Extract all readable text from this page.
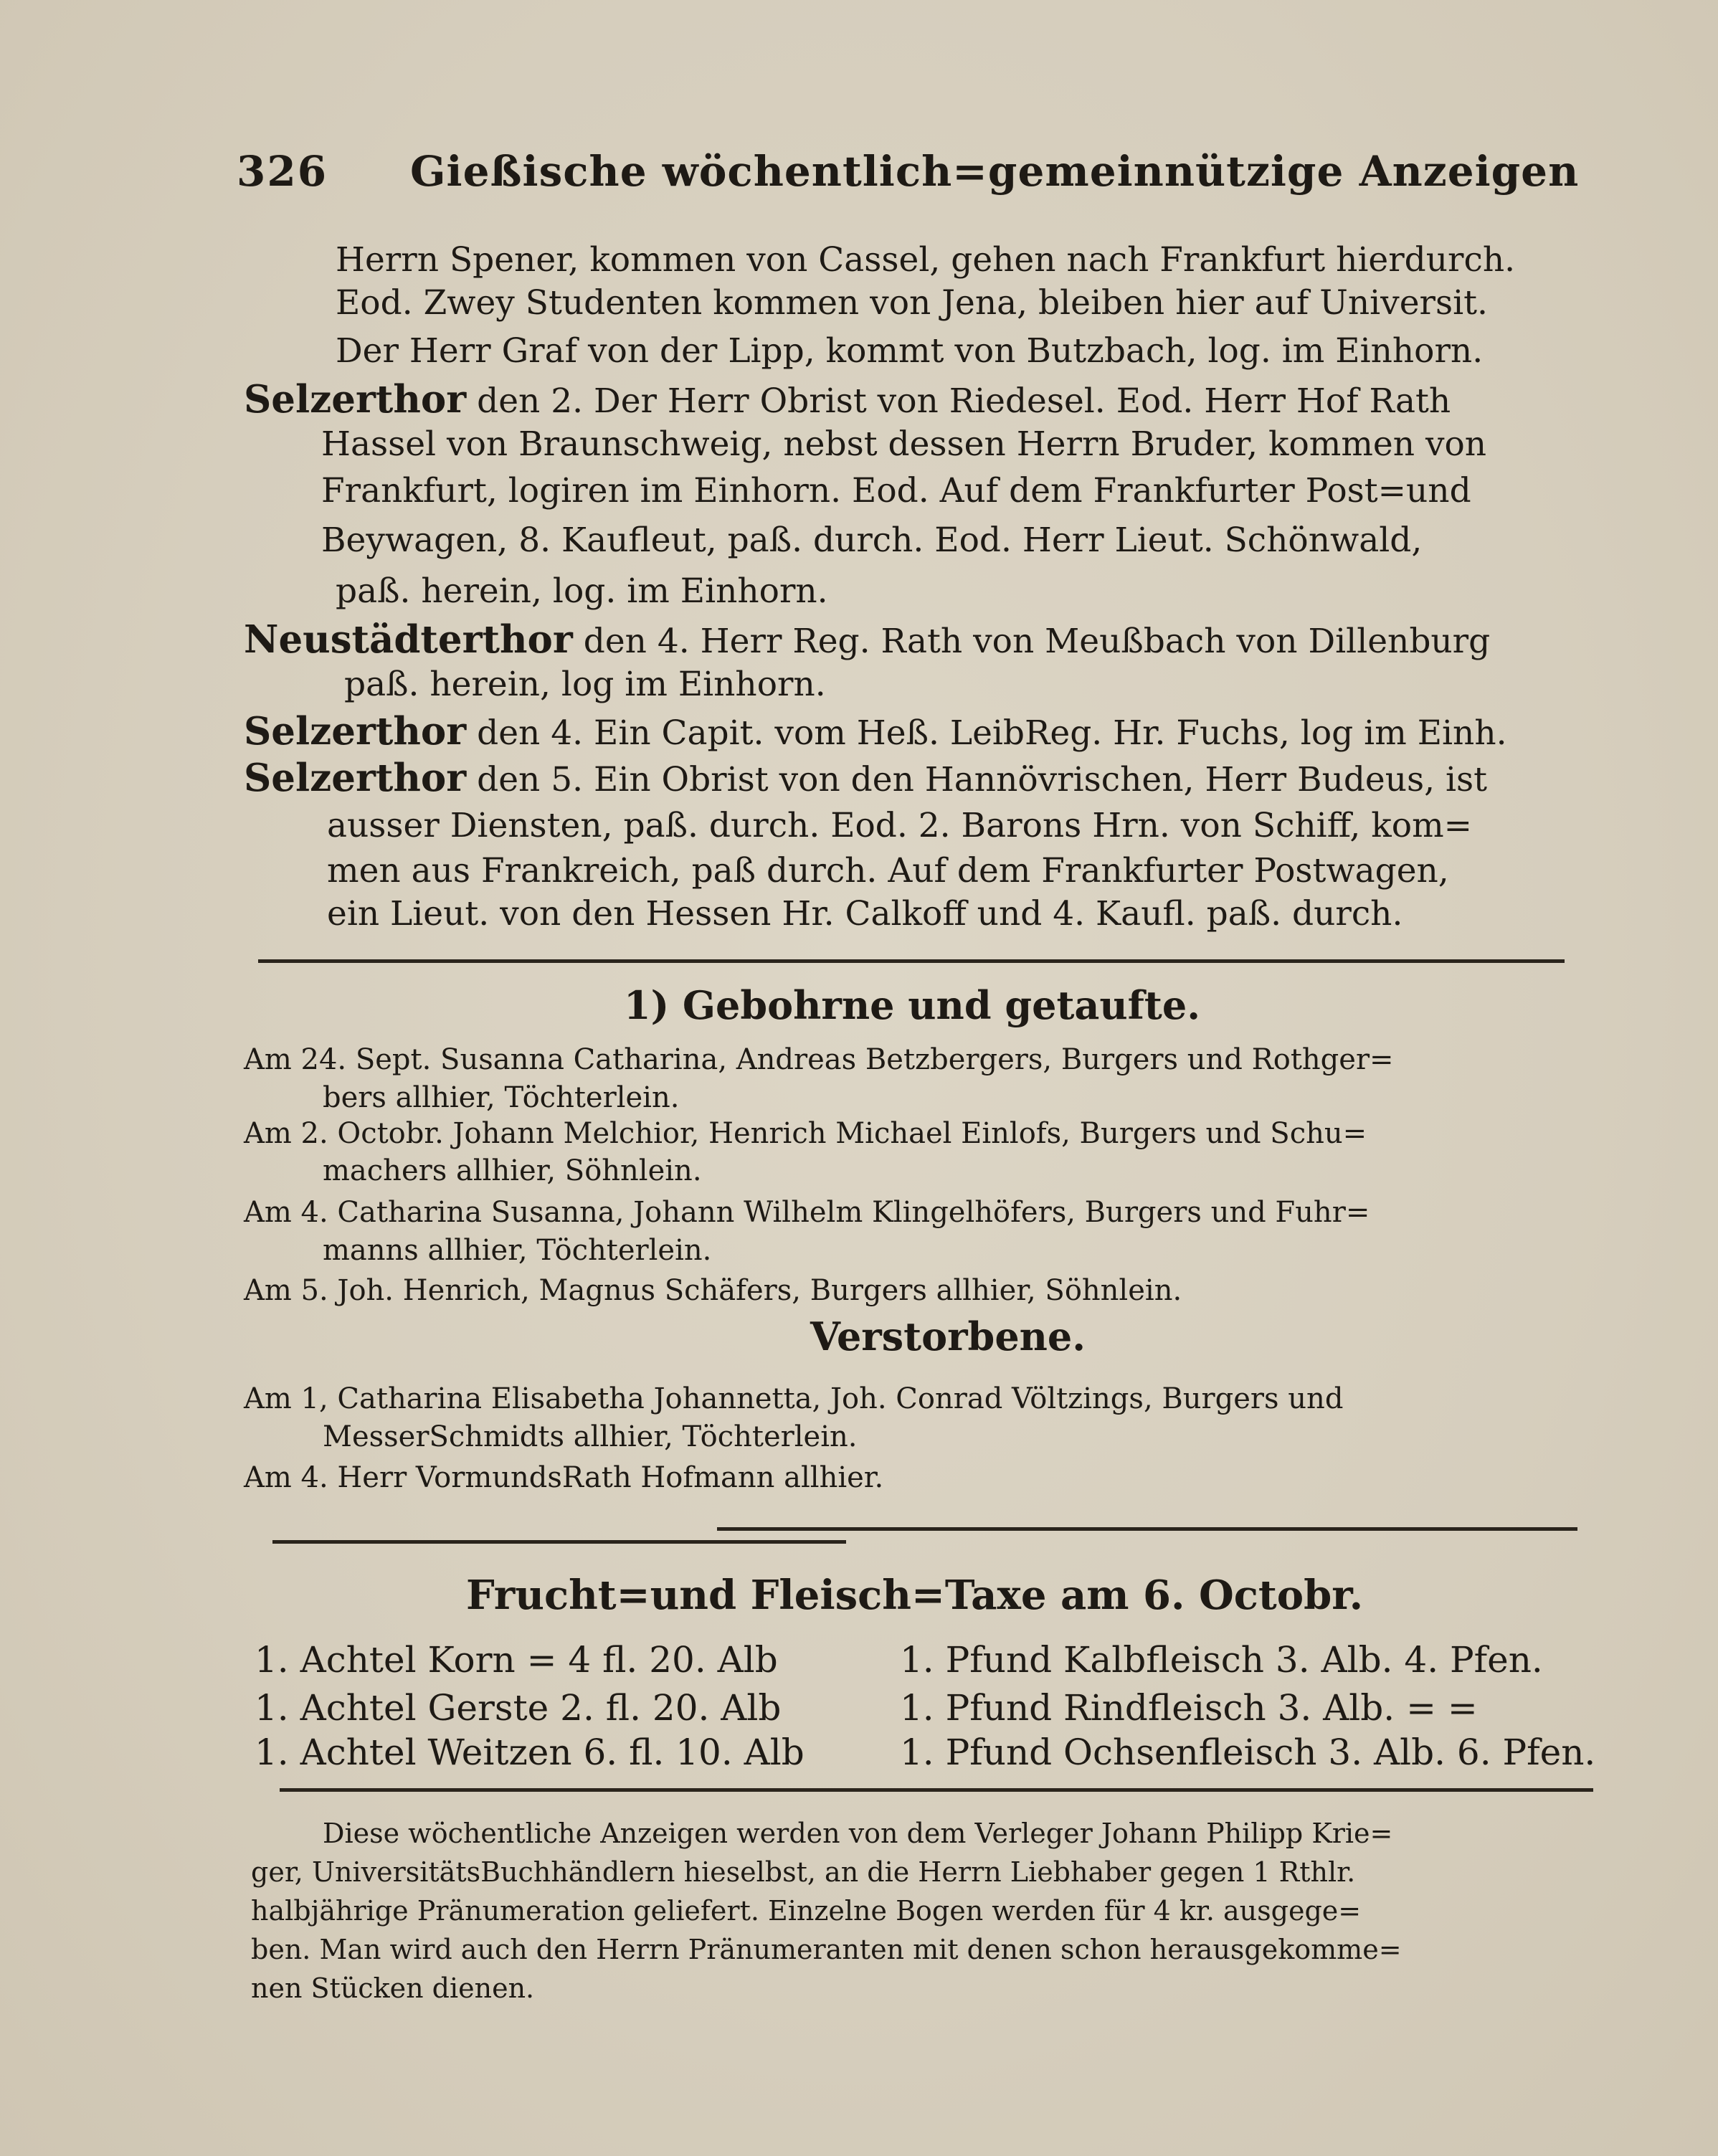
326 Gießische wöchentlich=gemeinnützige Anzeigen
Herrn Spener, kommen von Cassel, gehen nach Frankfurt hierdurch.
Eod. Zwey Studenten kommen von Jena, bleiben hier auf Universit.
Der Herr Graf von der Lipp, kommt von Butzbach, log. im Einhorn.
Selzerthor den 2. Der Herr Obrist von Riedesel. Eod. Herr Hof Rath
Hassel von Braunschweig, nebst dessen Herrn Bruder, kommen von
Frankfurt, logiren im Einhorn. Eod. Auf dem Frankfurter Post=und
Beywagen, 8. Kaufleut, paß. durch. Eod. Herr Lieut. Schönwald,
paß. herein, log. im Einhorn.
Neustädterthor den 4. Herr Reg. Rath von Meußbach von Dillenburg
paß. herein, log im Einhorn.
Selzerthor den 4. Ein Capit. vom Heß. LeibReg. Hr. Fuchs, log im Einh.
Selzerthor den 5. Ein Obrist von den Hannövrischen, Herr Budeus, ist
ausser Diensten, paß. durch. Eod. 2. Barons Hrn. von Schiff, kom=
men aus Frankreich, paß durch. Auf dem Frankfurter Postwagen,
ein Lieut. von den Hessen Hr. Calkoff und 4. Kaufl. paß. durch.
1) Gebohrne und getaufte.
Am 24. Sept. Susanna Catharina, Andreas Betzbergers, Burgers und Rothger=
bers allhier, Töchterlein.
Am 2. Octobr. Johann Melchior, Henrich Michael Einlofs, Burgers und Schu=
machers allhier, Söhnlein.
Am 4. Catharina Susanna, Johann Wilhelm Klingelhöfers, Burgers und Fuhr=
manns allhier, Töchterlein.
Am 5. Joh. Henrich, Magnus Schäfers, Burgers allhier, Söhnlein.
Verstorbene.
Am 1, Catharina Elisabetha Johannetta, Joh. Conrad Völtzings, Burgers und
MesserSchmidts allhier, Töchterlein.
Am 4. Herr VormundsRath Hofmann allhier.
Frucht=und Fleisch=Taxe am 6. Octobr.
1. Achtel Korn = 4 fl. 20. Alb
1. Achtel Gerste 2. fl. 20. Alb
1. Achtel Weitzen 6. fl. 10. Alb
1. Pfund Kalbfleisch 3. Alb. 4. Pfen.
1. Pfund Rindfleisch 3. Alb. = =
1. Pfund Ochsenfleisch 3. Alb. 6. Pfen.
Diese wöchentliche Anzeigen werden von dem Verleger Johann Philipp Krie=
ger, UniversitätsBuchhändlern hieselbst, an die Herrn Liebhaber gegen 1 Rthlr.
halbjährige Pränumeration geliefert. Einzelne Bogen werden für 4 kr. ausgege=
ben. Man wird auch den Herrn Pränumeranten mit denen schon herausgekomme=
nen Stücken dienen.
